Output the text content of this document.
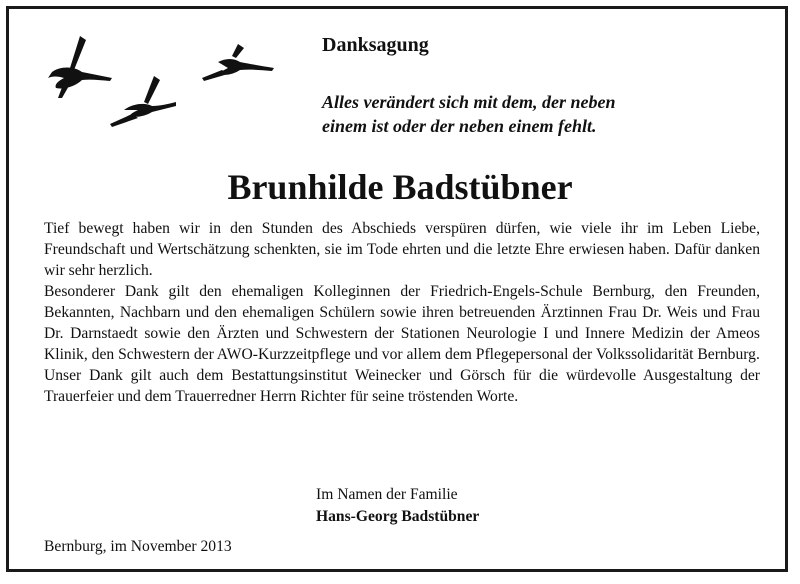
Danksagung
Alles verändert sich mit dem, der neben
einem ist oder der neben einem fehlt.
Brunhilde Badstübner

Tief bewegt haben wir in den Stunden des Abschieds verspüren dürfen, wie viele ihr im Leben Liebe, Freundschaft und Wertschätzung schenkten, sie im Tode ehrten und die letzte Ehre erwiesen haben. Dafür danken wir sehr herzlich.

Besonderer Dank gilt den ehemaligen Kolleginnen der Friedrich-Engels-Schule Bernburg, den Freunden, Bekannten, Nachbarn und den ehemaligen Schülern sowie ihren betreuenden Ärztinnen Frau Dr. Weis und Frau Dr. Darnstaedt sowie den Ärzten und Schwestern der Stationen Neurologie I und Innere Medizin der Ameos Klinik, den Schwestern der AWO-Kurzzeitpflege und vor allem dem Pflegepersonal der Volkssolidarität Bernburg.

Unser Dank gilt auch dem Bestattungsinstitut Weinecker und Görsch für die würdevolle Ausgestaltung der Trauerfeier und dem Trauerredner Herrn Richter für seine tröstenden Worte.

Im Namen der Familie
Hans-Georg Badstübner
Bernburg, im November 2013
